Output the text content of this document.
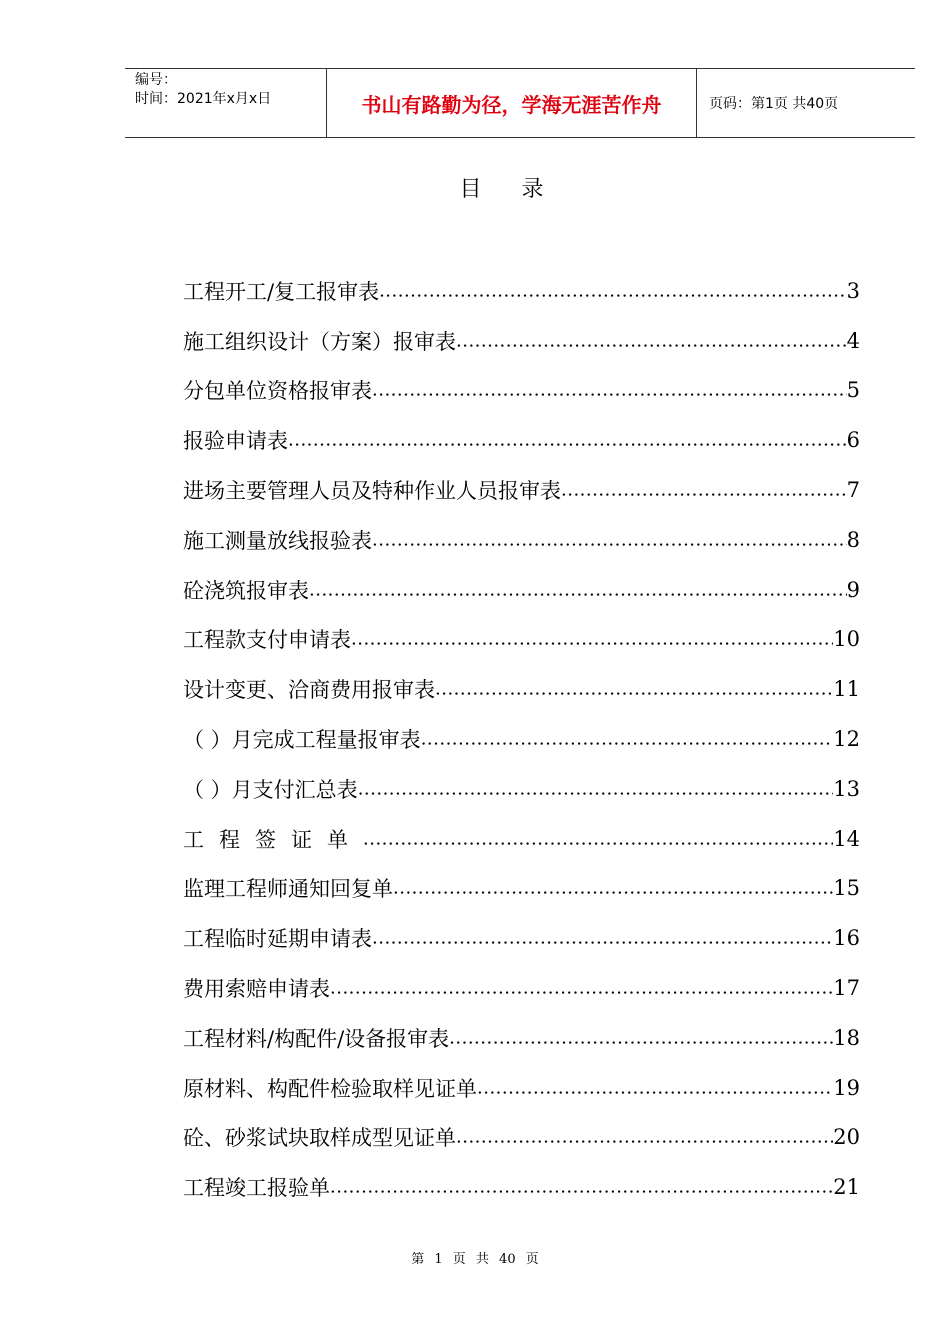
编号：
时间：2021年x月x日	书山有路勤为径，学海无涯苦作舟	页码：第1页 共40页
目录
工程开工/复工报审表 .....	3
施工组织设计（方案）报审表 .....	4
分包单位资格报审表 .....	5
报验申请表 .....	6
进场主要管理人员及特种作业人员报审表 .....	7
施工测量放线报验表 .....	8
砼浇筑报审表 .....	9
工程款支付申请表 .....	10
设计变更、洽商费用报审表 .....	11
（ ）月完成工程量报审表 .....	12
（ ）月支付汇总表 .....	13
工程签证单 .....	14
监理工程师通知回复单 .....	15
工程临时延期申请表 .....	16
费用索赔申请表 .....	17
工程材料/构配件/设备报审表 .....	18
原材料、构配件检验取样见证单 .....	19
砼、砂浆试块取样成型见证单 .....	20
工程竣工报验单 .....	21
第 1 页 共 40 页
